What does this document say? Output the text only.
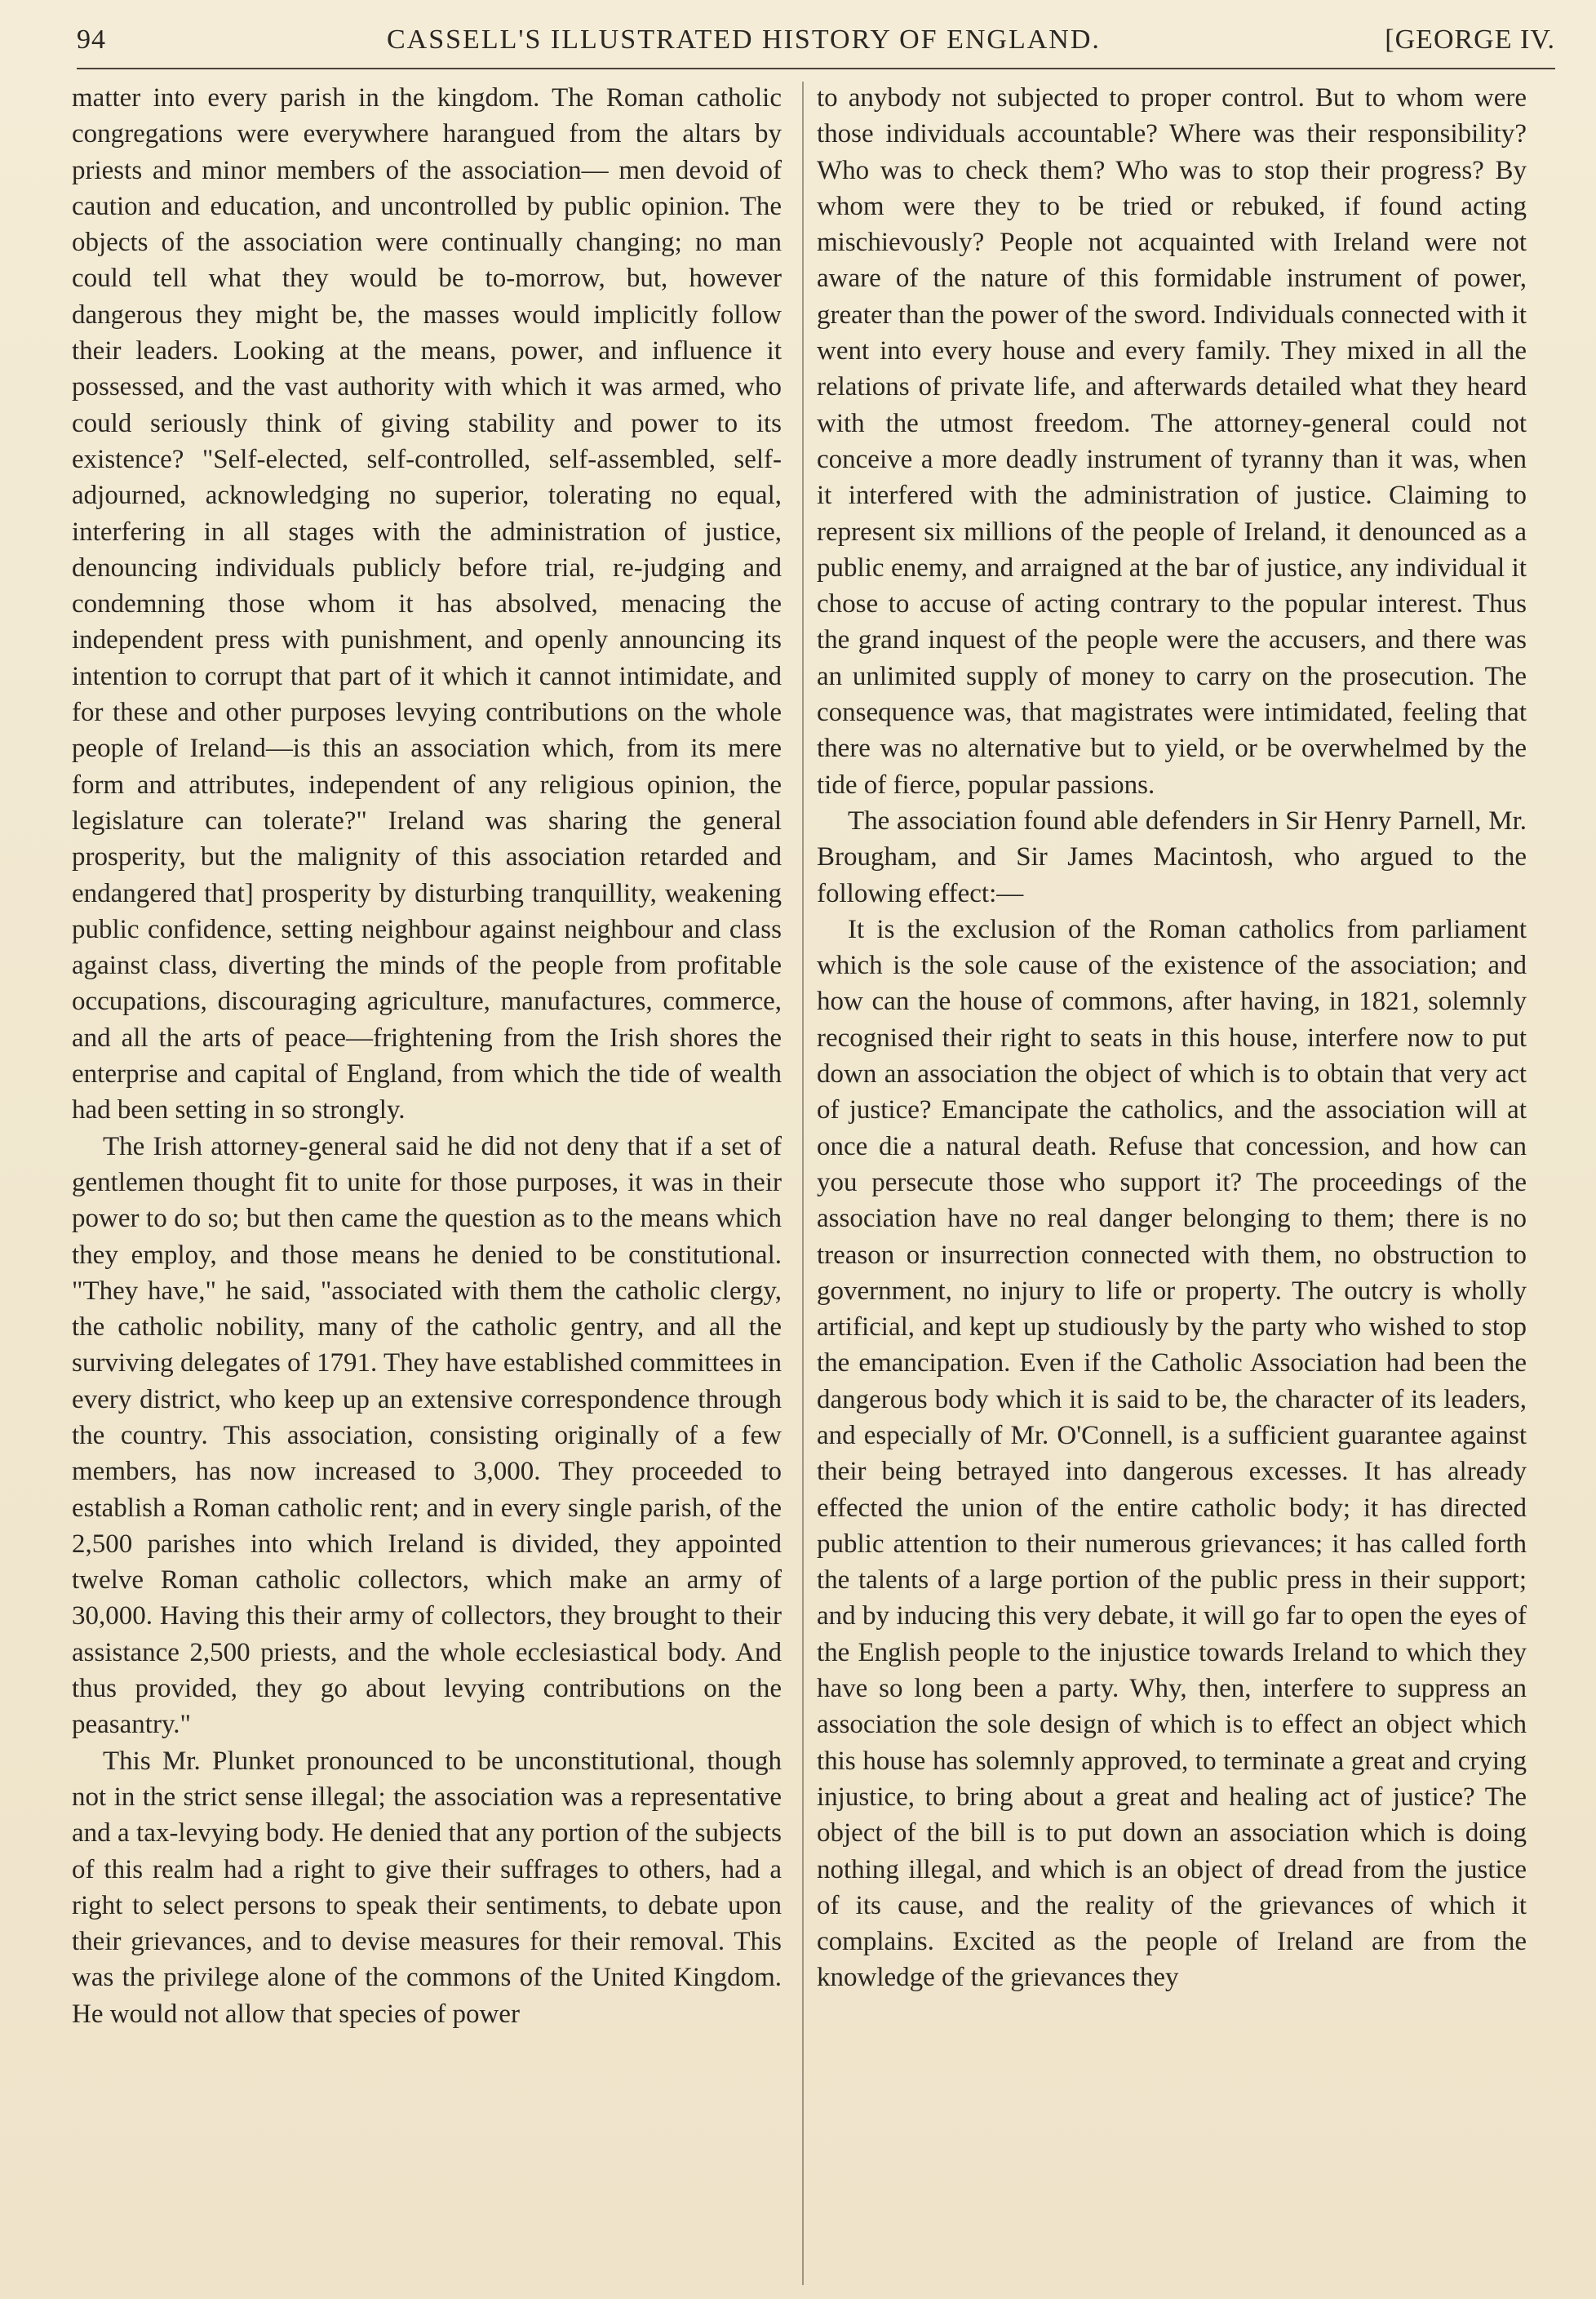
94	CASSELL'S ILLUSTRATED HISTORY OF ENGLAND.	[GEORGE IV.

matter into every parish in the kingdom. The Roman catholic congregations were everywhere harangued from the altars by priests and minor members of the association— men devoid of caution and education, and uncontrolled by public opinion. The objects of the association were continually changing; no man could tell what they would be to-morrow, but, however dangerous they might be, the masses would implicitly follow their leaders. Looking at the means, power, and influence it possessed, and the vast authority with which it was armed, who could seriously think of giving stability and power to its existence? "Self-elected, self-controlled, self-assembled, self-adjourned, acknowledging no superior, tolerating no equal, interfering in all stages with the administration of justice, denouncing individuals publicly before trial, re-judging and condemning those whom it has absolved, menacing the independent press with punishment, and openly announcing its intention to corrupt that part of it which it cannot intimidate, and for these and other purposes levying contributions on the whole people of Ireland—is this an association which, from its mere form and attributes, independent of any religious opinion, the legislature can tolerate?" Ireland was sharing the general prosperity, but the malignity of this association retarded and endangered that] prosperity by disturbing tranquillity, weakening public confidence, setting neighbour against neighbour and class against class, diverting the minds of the people from profitable occupations, discouraging agriculture, manufactures, commerce, and all the arts of peace—frightening from the Irish shores the enterprise and capital of England, from which the tide of wealth had been setting in so strongly.

The Irish attorney-general said he did not deny that if a set of gentlemen thought fit to unite for those purposes, it was in their power to do so; but then came the question as to the means which they employ, and those means he denied to be constitutional. "They have," he said, "associated with them the catholic clergy, the catholic nobility, many of the catholic gentry, and all the surviving delegates of 1791. They have established committees in every district, who keep up an extensive correspondence through the country. This association, consisting originally of a few members, has now increased to 3,000. They proceeded to establish a Roman catholic rent; and in every single parish, of the 2,500 parishes into which Ireland is divided, they appointed twelve Roman catholic collectors, which make an army of 30,000. Having this their army of collectors, they brought to their assistance 2,500 priests, and the whole ecclesiastical body. And thus provided, they go about levying contributions on the peasantry."

This Mr. Plunket pronounced to be unconstitutional, though not in the strict sense illegal; the association was a representative and a tax-levying body. He denied that any portion of the subjects of this realm had a right to give their suffrages to others, had a right to select persons to speak their sentiments, to debate upon their grievances, and to devise measures for their removal. This was the privilege alone of the commons of the United Kingdom. He would not allow that species of power

to anybody not subjected to proper control. But to whom were those individuals accountable? Where was their responsibility? Who was to check them? Who was to stop their progress? By whom were they to be tried or rebuked, if found acting mischievously? People not acquainted with Ireland were not aware of the nature of this formidable instrument of power, greater than the power of the sword. Individuals connected with it went into every house and every family. They mixed in all the relations of private life, and afterwards detailed what they heard with the utmost freedom. The attorney-general could not conceive a more deadly instrument of tyranny than it was, when it interfered with the administration of justice. Claiming to represent six millions of the people of Ireland, it denounced as a public enemy, and arraigned at the bar of justice, any individual it chose to accuse of acting contrary to the popular interest. Thus the grand inquest of the people were the accusers, and there was an unlimited supply of money to carry on the prosecution. The consequence was, that magistrates were intimidated, feeling that there was no alternative but to yield, or be overwhelmed by the tide of fierce, popular passions.

The association found able defenders in Sir Henry Parnell, Mr. Brougham, and Sir James Macintosh, who argued to the following effect:—

It is the exclusion of the Roman catholics from parliament which is the sole cause of the existence of the association; and how can the house of commons, after having, in 1821, solemnly recognised their right to seats in this house, interfere now to put down an association the object of which is to obtain that very act of justice? Emancipate the catholics, and the association will at once die a natural death. Refuse that concession, and how can you persecute those who support it? The proceedings of the association have no real danger belonging to them; there is no treason or insurrection connected with them, no obstruction to government, no injury to life or property. The outcry is wholly artificial, and kept up studiously by the party who wished to stop the emancipation. Even if the Catholic Association had been the dangerous body which it is said to be, the character of its leaders, and especially of Mr. O'Connell, is a sufficient guarantee against their being betrayed into dangerous excesses. It has already effected the union of the entire catholic body; it has directed public attention to their numerous grievances; it has called forth the talents of a large portion of the public press in their support; and by inducing this very debate, it will go far to open the eyes of the English people to the injustice towards Ireland to which they have so long been a party. Why, then, interfere to suppress an association the sole design of which is to effect an object which this house has solemnly approved, to terminate a great and crying injustice, to bring about a great and healing act of justice? The object of the bill is to put down an association which is doing nothing illegal, and which is an object of dread from the justice of its cause, and the reality of the grievances of which it complains. Excited as the people of Ireland are from the knowledge of the grievances they
